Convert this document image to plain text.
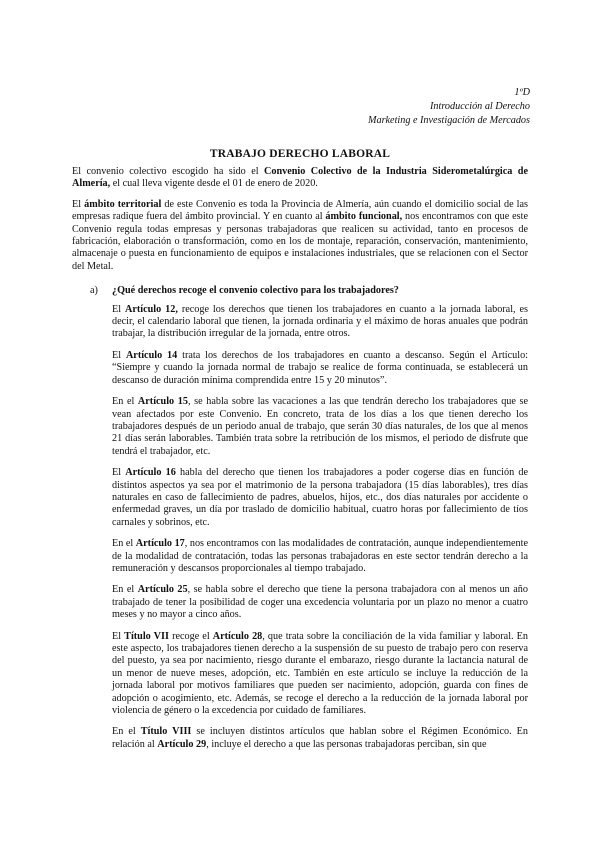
1ºD
Introducción al Derecho
Marketing e Investigación de Mercados
TRABAJO DERECHO LABORAL

El convenio colectivo escogido ha sido el Convenio Colectivo de la Industria Siderometalúrgica de Almería, el cual lleva vigente desde el 01 de enero de 2020.

El ámbito territorial de este Convenio es toda la Provincia de Almería, aún cuando el domicilio social de las empresas radique fuera del ámbito provincial. Y en cuanto al ámbito funcional, nos encontramos con que este Convenio regula todas empresas y personas trabajadoras que realicen su actividad, tanto en procesos de fabricación, elaboración o transformación, como en los de montaje, reparación, conservación, mantenimiento, almacenaje o puesta en funcionamiento de equipos e instalaciones industriales, que se relacionen con el Sector del Metal.

a) ¿Qué derechos recoge el convenio colectivo para los trabajadores?

El Artículo 12, recoge los derechos que tienen los trabajadores en cuanto a la jornada laboral, es decir, el calendario laboral que tienen, la jornada ordinaria y el máximo de horas anuales que podrán trabajar, la distribución irregular de la jornada, entre otros.

El Artículo 14 trata los derechos de los trabajadores en cuanto a descanso. Según el Artículo: “Siempre y cuando la jornada normal de trabajo se realice de forma continuada, se establecerá un descanso de duración mínima comprendida entre 15 y 20 minutos”.

En el Artículo 15, se habla sobre las vacaciones a las que tendrán derecho los trabajadores que se vean afectados por este Convenio. En concreto, trata de los días a los que tienen derecho los trabajadores después de un periodo anual de trabajo, que serán 30 días naturales, de los que al menos 21 días serán laborables. También trata sobre la retribución de los mismos, el periodo de disfrute que tendrá el trabajador, etc.

El Artículo 16 habla del derecho que tienen los trabajadores a poder cogerse días en función de distintos aspectos ya sea por el matrimonio de la persona trabajadora (15 días laborables), tres días naturales en caso de fallecimiento de padres, abuelos, hijos, etc., dos días naturales por accidente o enfermedad graves, un día por traslado de domicilio habitual, cuatro horas por fallecimiento de tíos carnales y sobrinos, etc.

En el Artículo 17, nos encontramos con las modalidades de contratación, aunque independientemente de la modalidad de contratación, todas las personas trabajadoras en este sector tendrán derecho a la remuneración y descansos proporcionales al tiempo trabajado.

En el Artículo 25, se habla sobre el derecho que tiene la persona trabajadora con al menos un año trabajado de tener la posibilidad de coger una excedencia voluntaria por un plazo no menor a cuatro meses y no mayor a cinco años.

El Título VII recoge el Artículo 28, que trata sobre la conciliación de la vida familiar y laboral. En este aspecto, los trabajadores tienen derecho a la suspensión de su puesto de trabajo pero con reserva del puesto, ya sea por nacimiento, riesgo durante el embarazo, riesgo durante la lactancia natural de un menor de nueve meses, adopción, etc. También en este artículo se incluye la reducción de la jornada laboral por motivos familiares que pueden ser nacimiento, adopción, guarda con fines de adopción o acogimiento, etc. Además, se recoge el derecho a la reducción de la jornada laboral por violencia de género o la excedencia por cuidado de familiares.

En el Título VIII se incluyen distintos artículos que hablan sobre el Régimen Económico. En relación al Artículo 29, incluye el derecho a que las personas trabajadoras perciban, sin que
